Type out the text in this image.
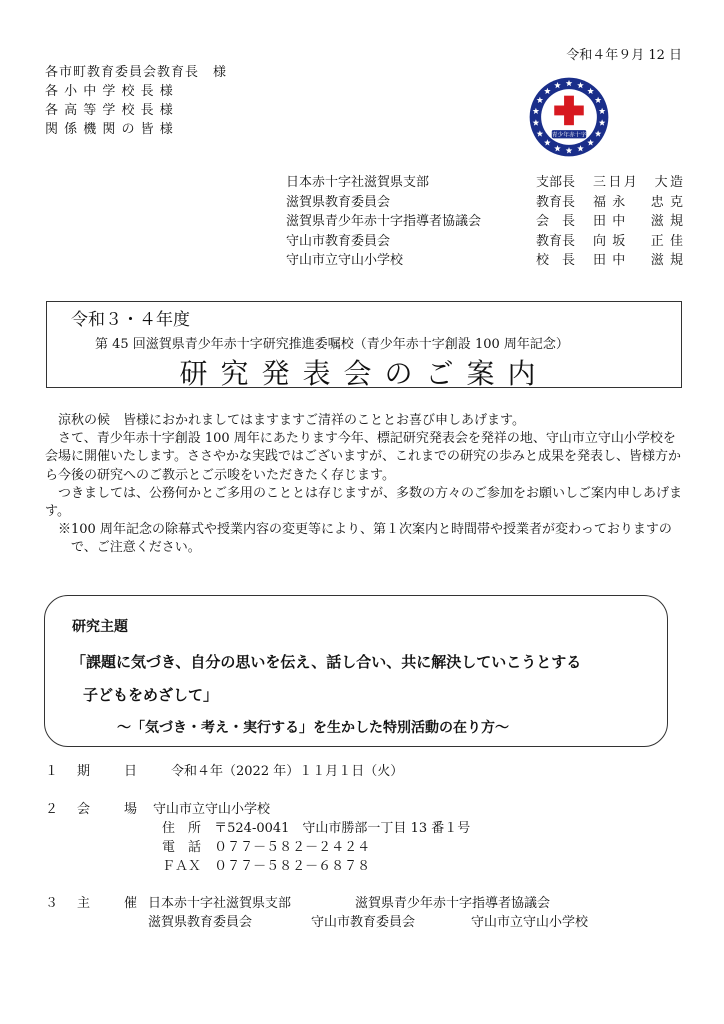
令和４年９月 12 日
各市町教育委員会教育長　様
各 小 中 学 校 長 様
各 高 等 学 校 長 様
関 係 機 関 の 皆 様	青少年赤十字
日本赤十字社滋賀県支部	支部長 三日月　大造
滋賀県教育委員会	教育長 福永　忠克
滋賀県青少年赤十字指導者協議会	会　長 田中　滋規
守山市教育委員会	教育長 向坂　正佳
守山市立守山小学校	校　長 田中　滋規
令和３・４年度
第 45 回滋賀県青少年赤十字研究推進委嘱校（青少年赤十字創設 100 周年記念）
研究発表会のご案内

涼秋の候　皆様におかれましてはますますご清祥のこととお喜び申しあげます。

さて、青少年赤十字創設 100 周年にあたります今年、標記研究発表会を発祥の地、守山市立守山小学校を会場に開催いたします。ささやかな実践ではございますが、これまでの研究の歩みと成果を発表し、皆様方から今後の研究へのご教示とご示唆をいただきたく存じます。

つきましては、公務何かとご多用のこととは存じますが、多数の方々のご参加をお願いしご案内申しあげます。

※100 周年記念の除幕式や授業内容の変更等により、第１次案内と時間帯や授業者が変わっておりますので、ご注意ください。

研究主題
「課題に気づき、自分の思いを伝え、話し合い、共に解決していこうとする
子どもをめざして」
～「気づき・考え・実行する」を生かした特別活動の在り方～
１ 期　日	令和４年（2022 年）１１月１日（火）
２ 会　場 守山市立守山小学校
住　所 〒524-0041　守山市勝部一丁目 13 番１号
電　話 ０７７－５８２－２４２４
ＦＡＸ ０７７－５８２－６８７８
３ 主　催 日本赤十字社滋賀県支部	滋賀県青少年赤十字指導者協議会
滋賀県教育委員会	守山市教育委員会	守山市立守山小学校
